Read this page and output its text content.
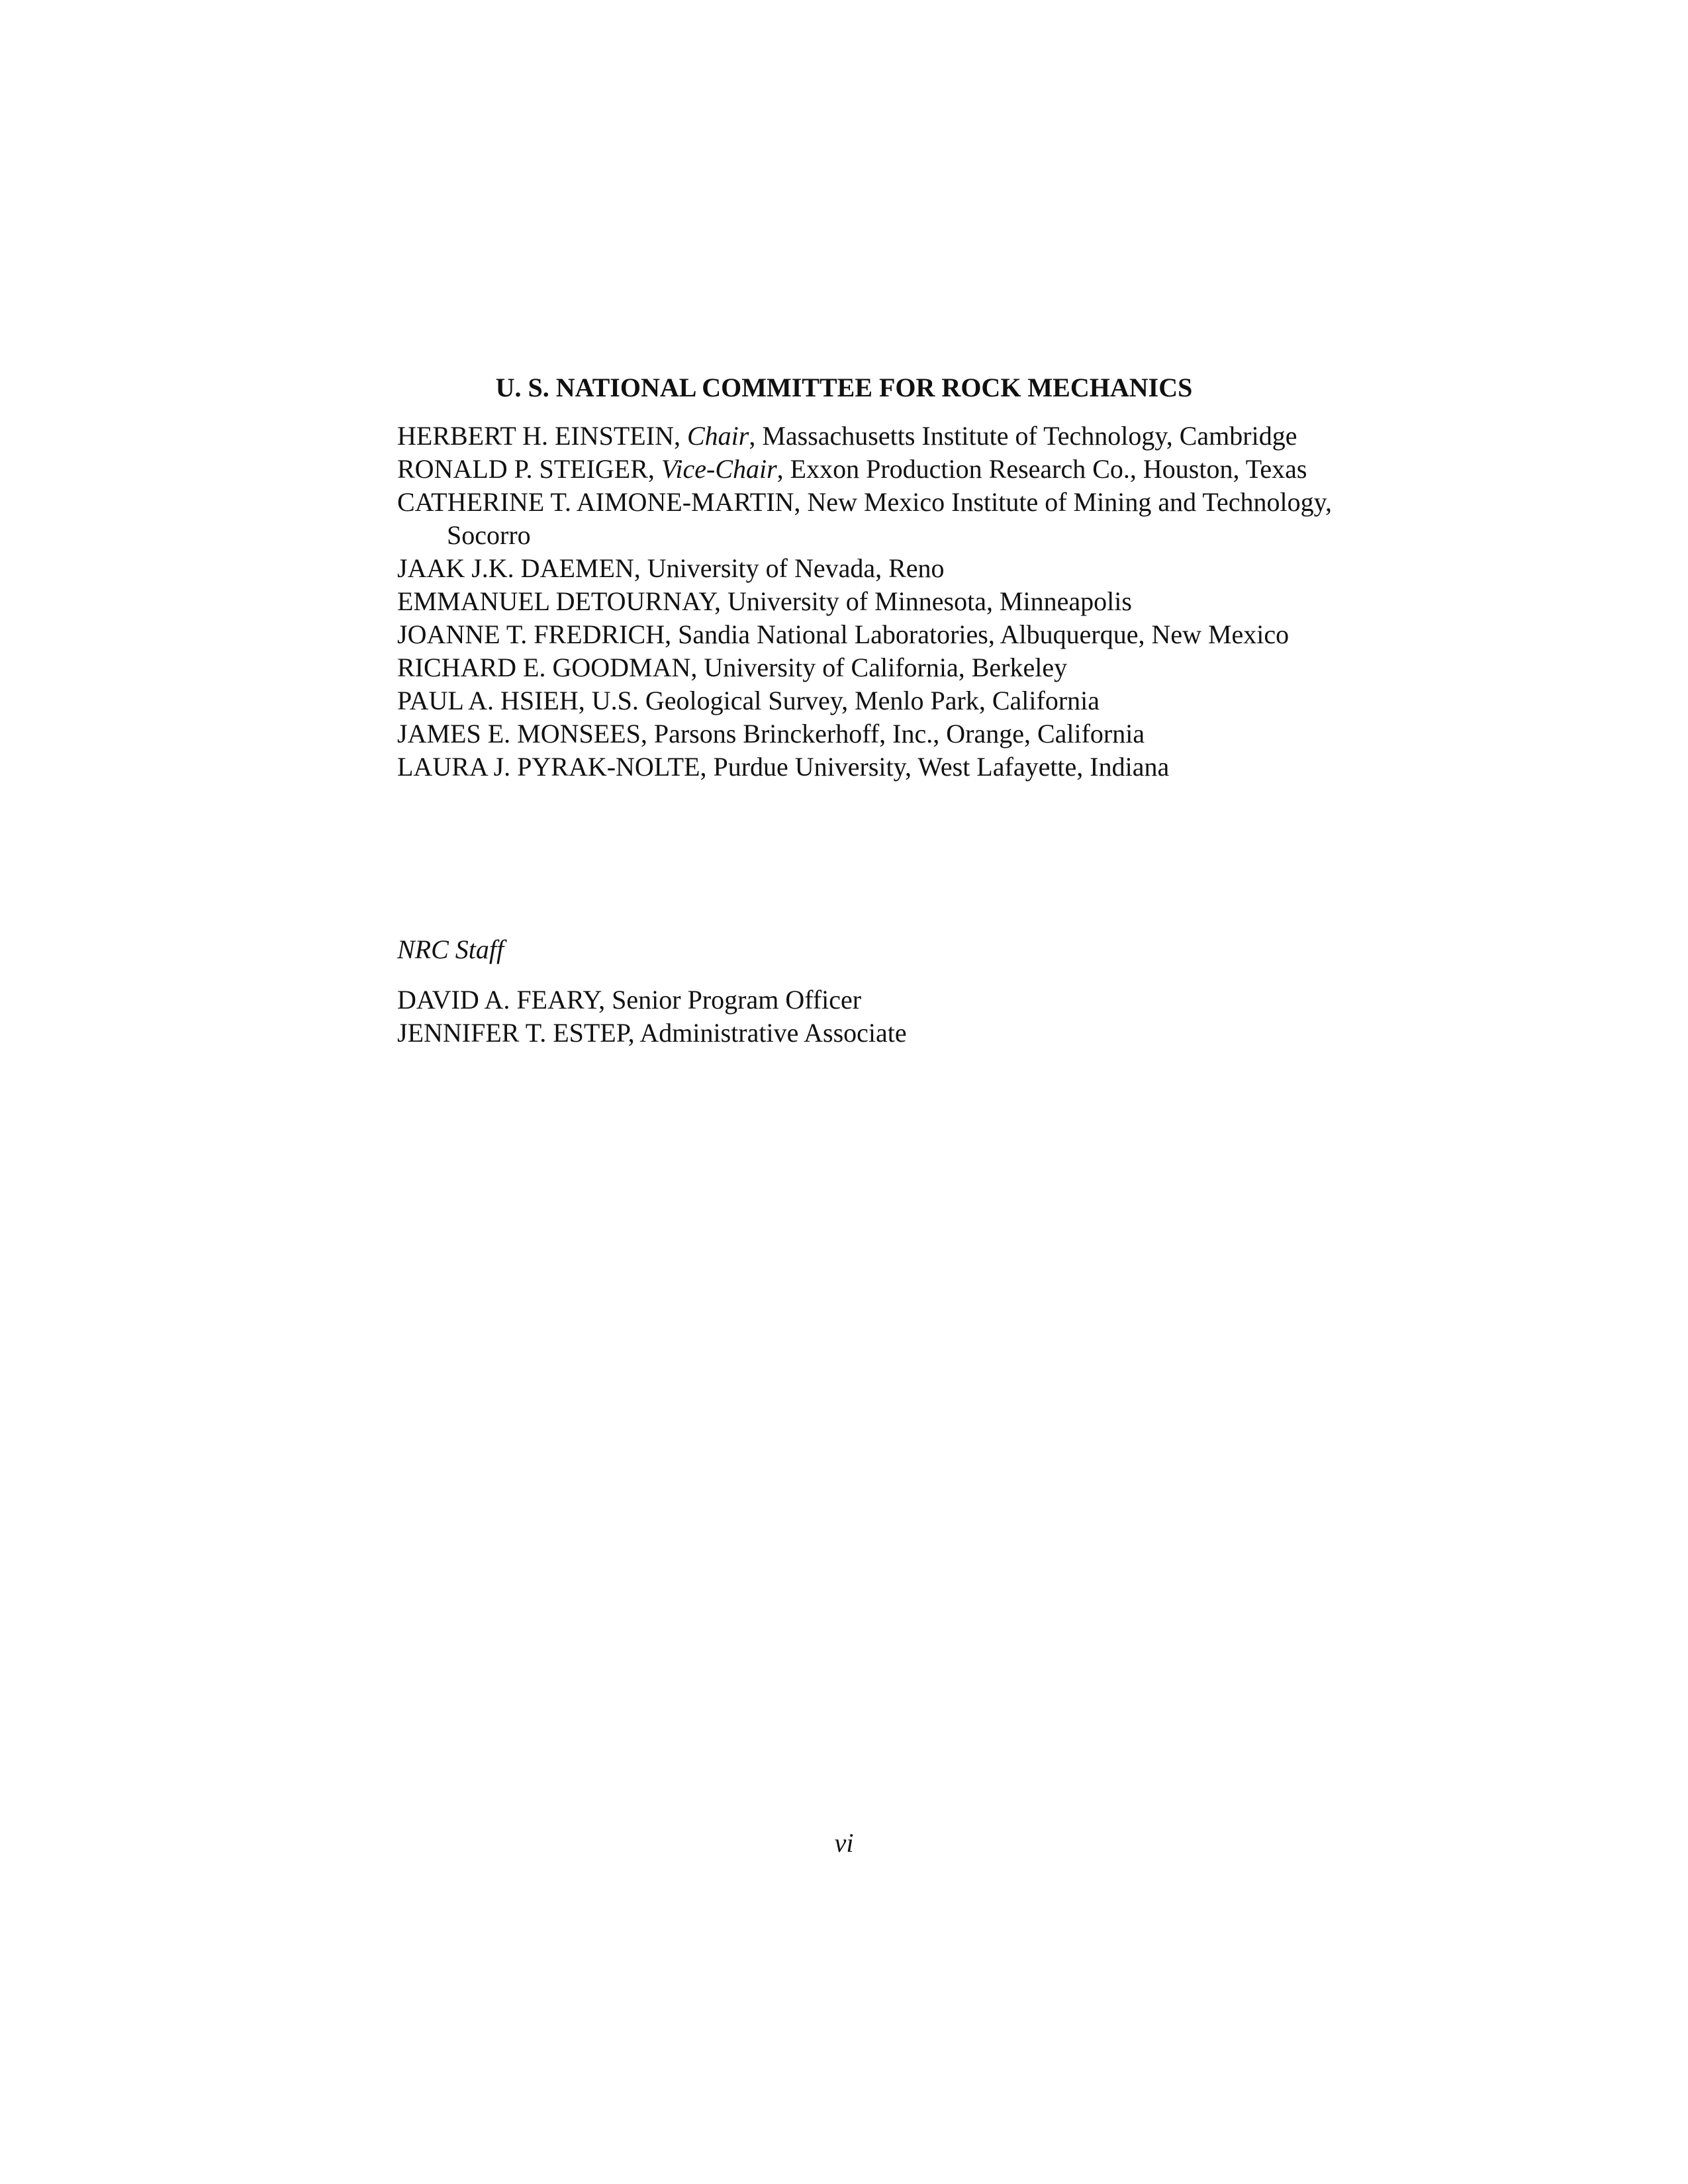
U. S. NATIONAL COMMITTEE FOR ROCK MECHANICS
HERBERT H. EINSTEIN, Chair, Massachusetts Institute of Technology, Cambridge
RONALD P. STEIGER, Vice-Chair, Exxon Production Research Co., Houston, Texas
CATHERINE T. AIMONE-MARTIN, New Mexico Institute of Mining and Technology, Socorro
JAAK J.K. DAEMEN, University of Nevada, Reno
EMMANUEL DETOURNAY, University of Minnesota, Minneapolis
JOANNE T. FREDRICH, Sandia National Laboratories, Albuquerque, New Mexico
RICHARD E. GOODMAN, University of California, Berkeley
PAUL A. HSIEH, U.S. Geological Survey, Menlo Park, California
JAMES E. MONSEES, Parsons Brinckerhoff, Inc., Orange, California
LAURA J. PYRAK-NOLTE, Purdue University, West Lafayette, Indiana
NRC Staff
DAVID A. FEARY, Senior Program Officer
JENNIFER T. ESTEP, Administrative Associate
vi
